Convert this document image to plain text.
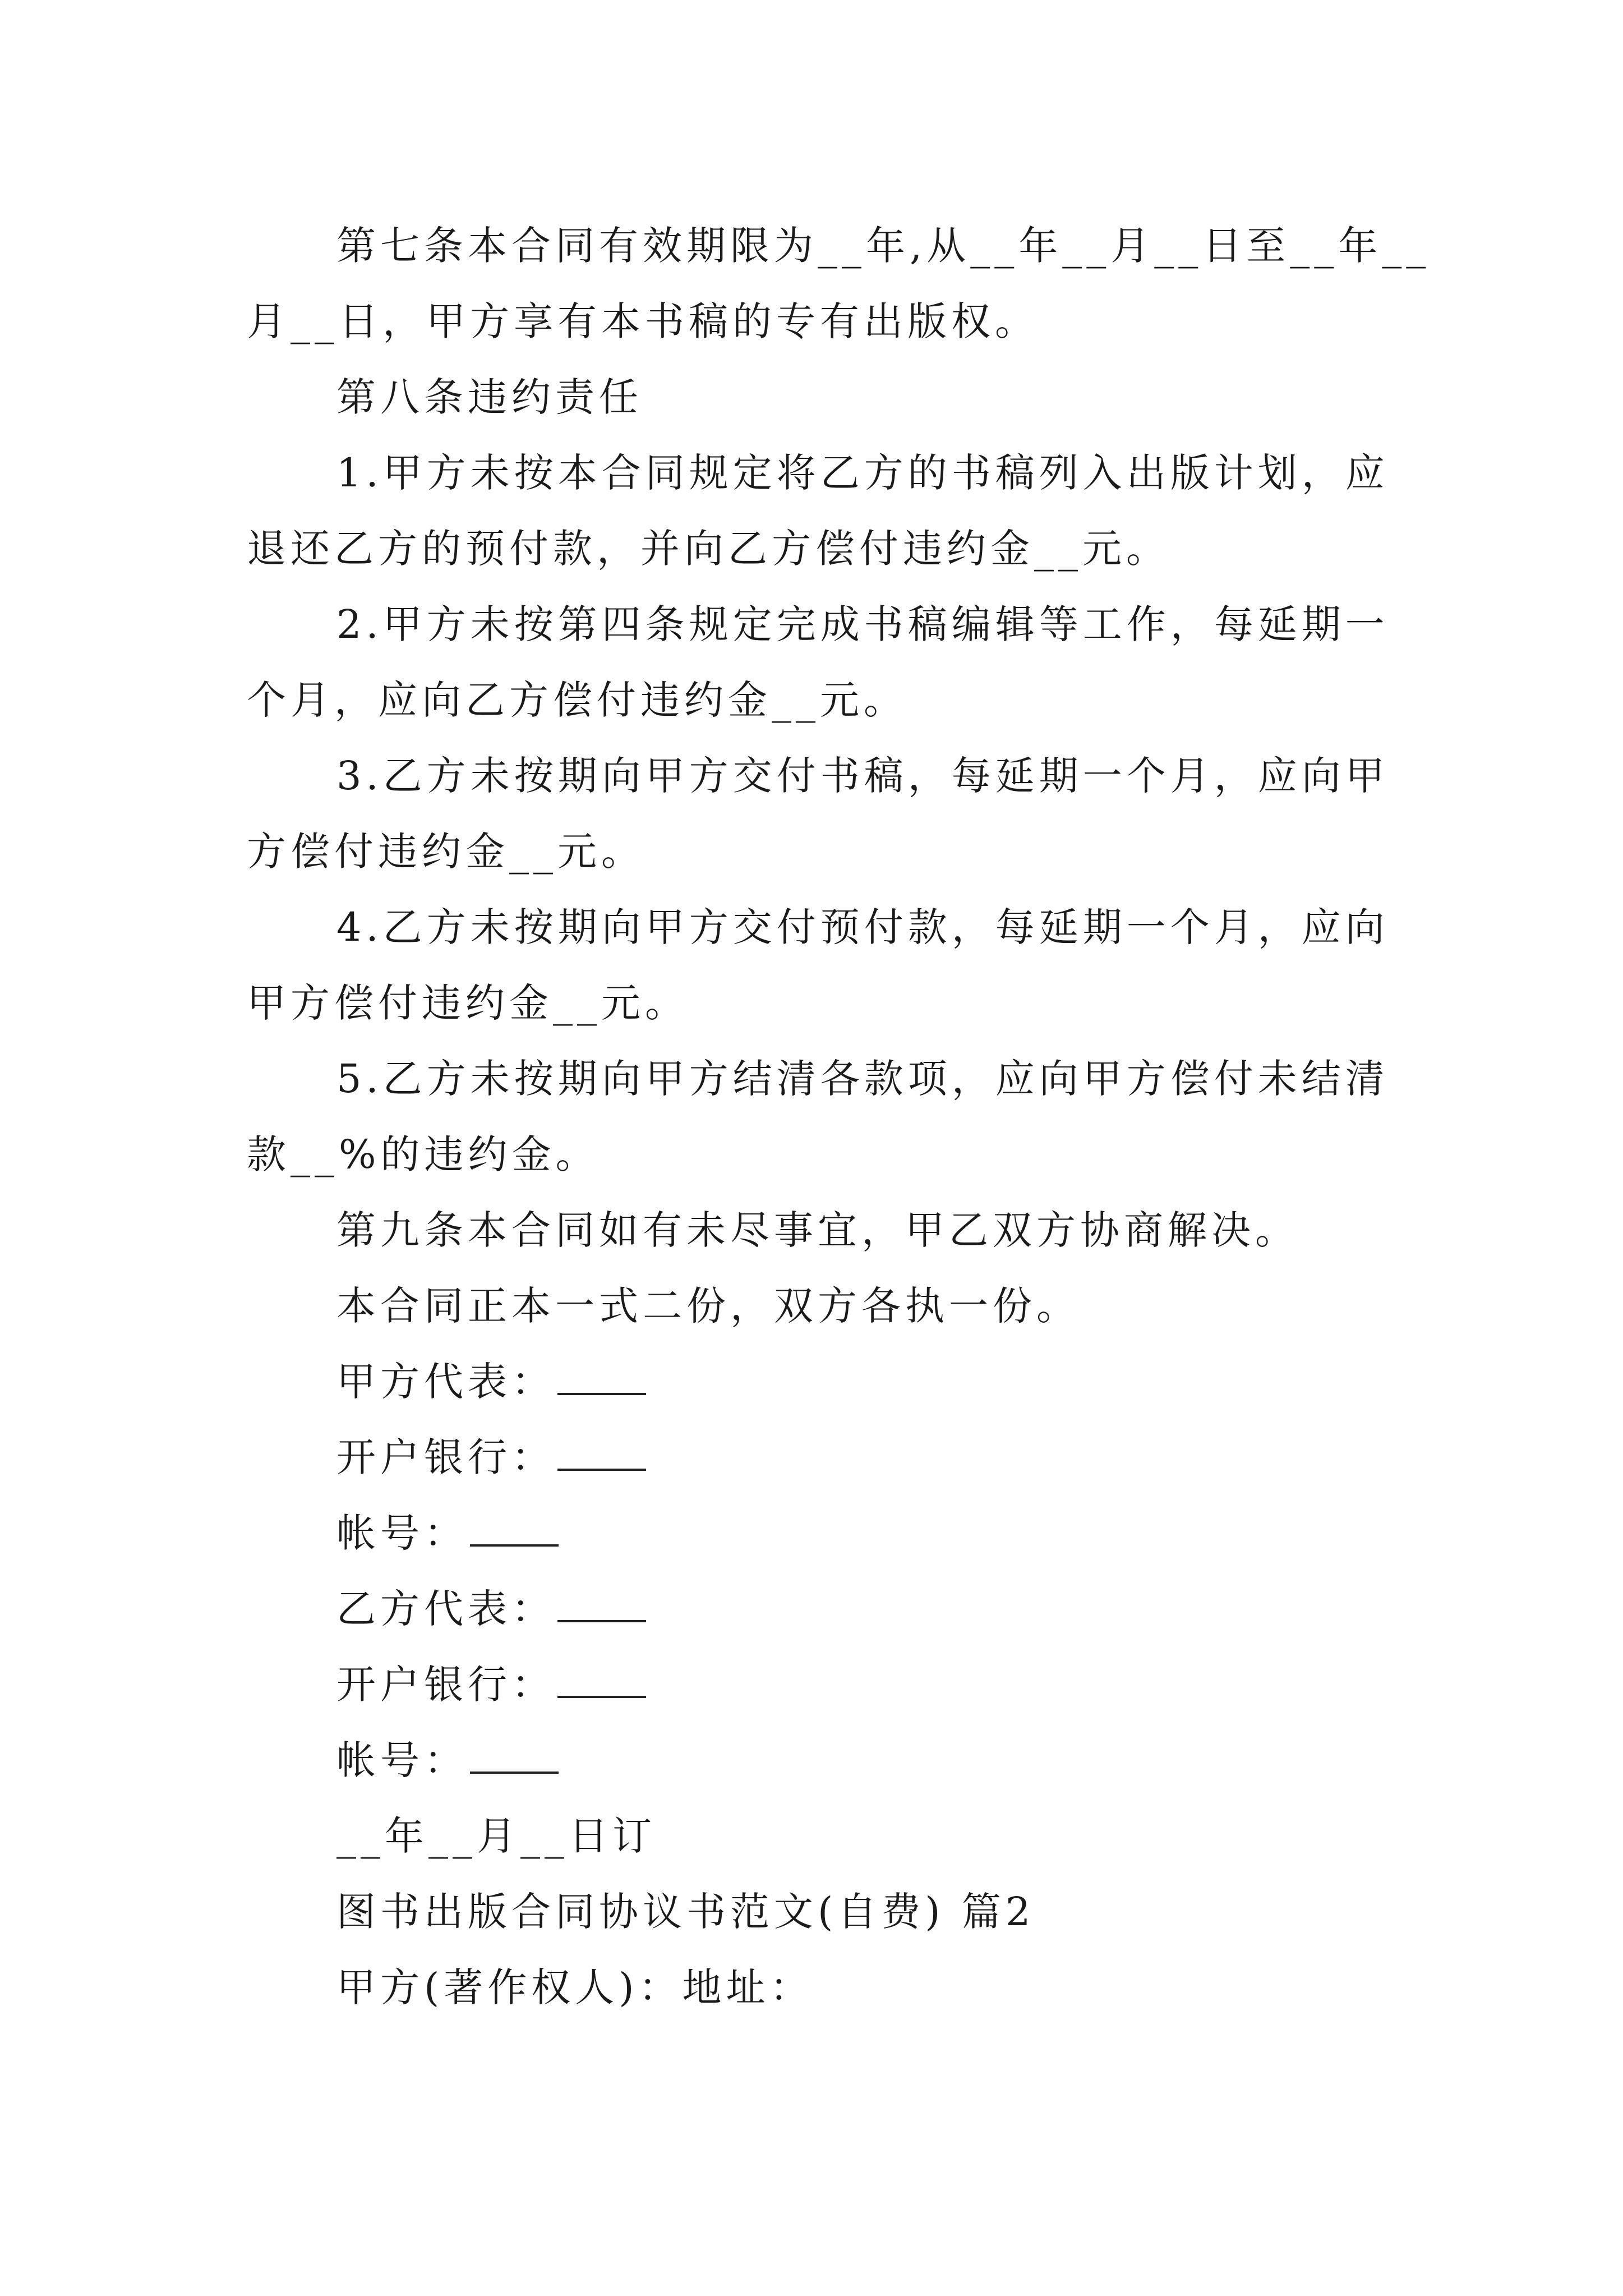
第七条本合同有效期限为__年,从__年__月__日至__年__
月__日，甲方享有本书稿的专有出版权。
第八条违约责任
1.甲方未按本合同规定将乙方的书稿列入出版计划，应
退还乙方的预付款，并向乙方偿付违约金__元。
2.甲方未按第四条规定完成书稿编辑等工作，每延期一
个月，应向乙方偿付违约金__元。
3.乙方未按期向甲方交付书稿，每延期一个月，应向甲
方偿付违约金__元。
4.乙方未按期向甲方交付预付款，每延期一个月，应向
甲方偿付违约金__元。
5.乙方未按期向甲方结清各款项，应向甲方偿付未结清
款__%的违约金。
第九条本合同如有未尽事宜，甲乙双方协商解决。
本合同正本一式二份，双方各执一份。
甲方代表：
开户银行：
帐号：
乙方代表：
开户银行：
帐号：
__年__月__日订
图书出版合同协议书范文(自费) 篇2
甲方(著作权人)：地址：
